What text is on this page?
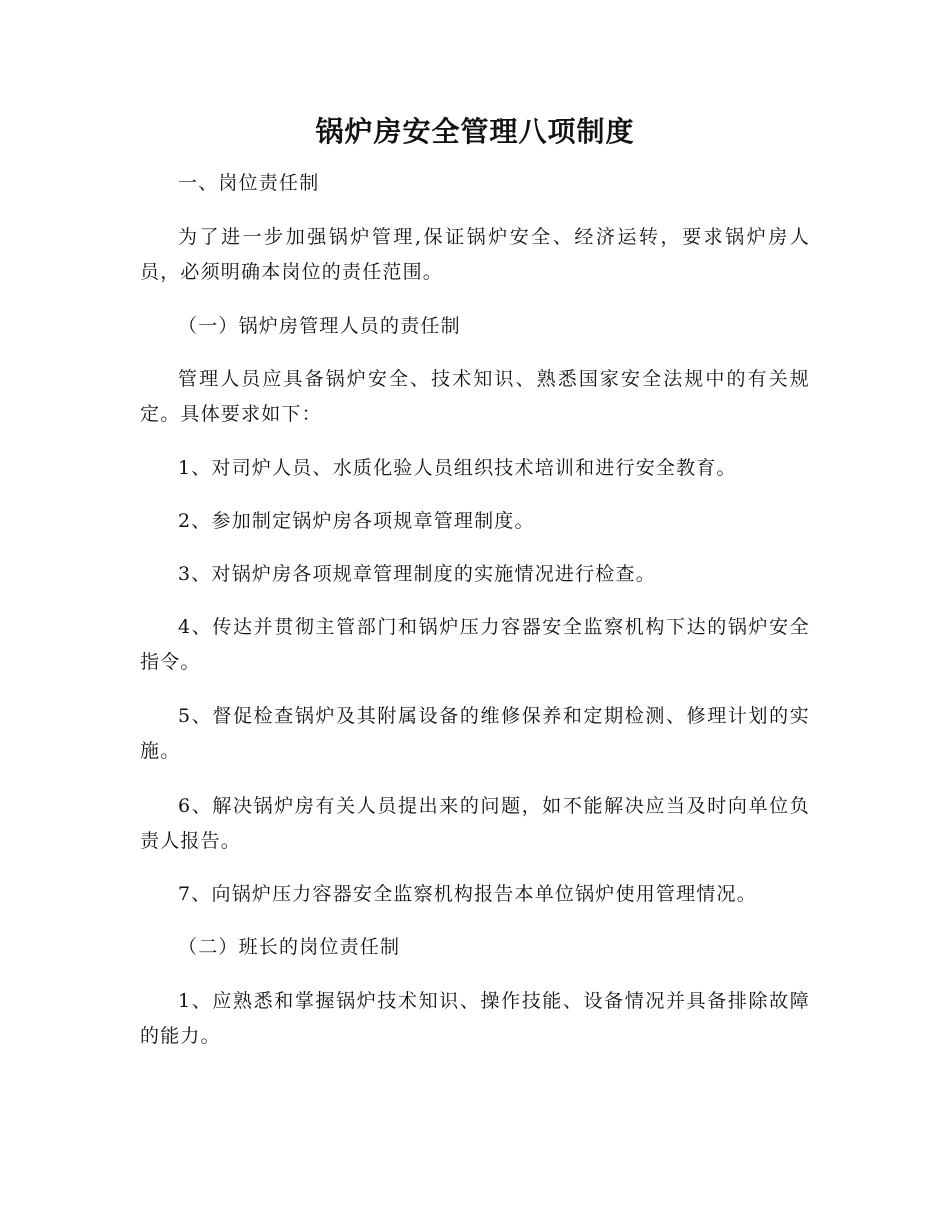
锅炉房安全管理八项制度

一、岗位责任制

为了进一步加强锅炉管理,保证锅炉安全、经济运转，要求锅炉房人员，必须明确本岗位的责任范围。

（一）锅炉房管理人员的责任制

管理人员应具备锅炉安全、技术知识、熟悉国家安全法规中的有关规定。具体要求如下：

1、对司炉人员、水质化验人员组织技术培训和进行安全教育。

2、参加制定锅炉房各项规章管理制度。

3、对锅炉房各项规章管理制度的实施情况进行检查。

4、传达并贯彻主管部门和锅炉压力容器安全监察机构下达的锅炉安全指令。

5、督促检查锅炉及其附属设备的维修保养和定期检测、修理计划的实施。

6、解决锅炉房有关人员提出来的问题，如不能解决应当及时向单位负责人报告。

7、向锅炉压力容器安全监察机构报告本单位锅炉使用管理情况。

（二）班长的岗位责任制

1、应熟悉和掌握锅炉技术知识、操作技能、设备情况并具备排除故障的能力。
